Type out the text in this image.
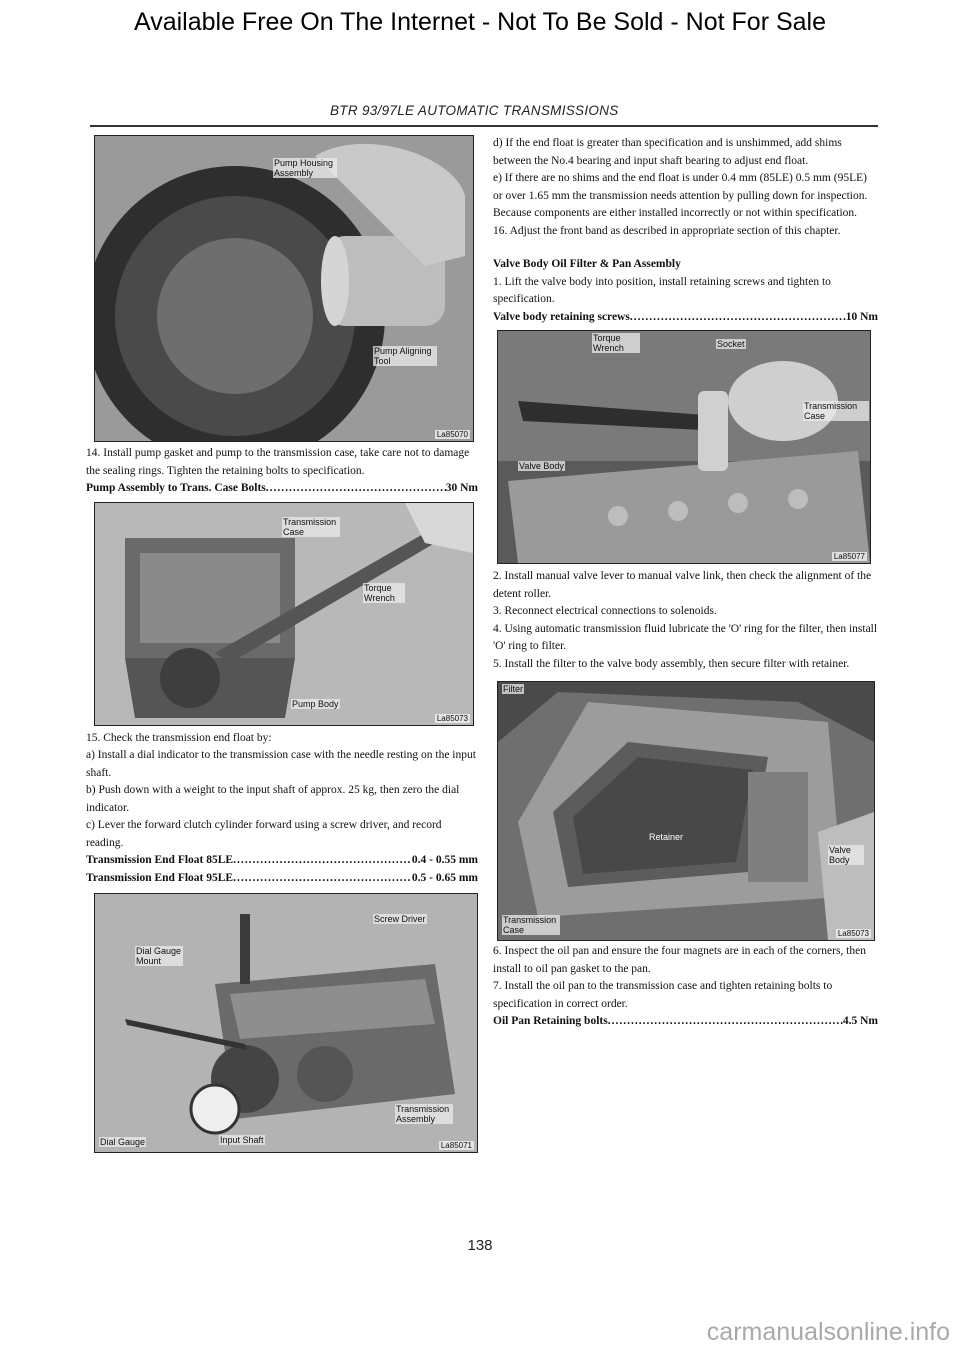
Available Free On The Internet - Not To Be Sold - Not For Sale
BTR 93/97LE AUTOMATIC TRANSMISSIONS
Pump Housing Assembly
Pump Aligning Tool
La85070

14. Install pump gasket and pump to the transmission case, take care not to damage the sealing rings. Tighten the retaining bolts to specification.

Pump Assembly to Trans. Case Bolts .....	30 Nm

Transmission Case
Torque Wrench
Pump Body
La85073

15. Check the transmission end float by:

a) Install a dial indicator to the transmission case with the needle resting on the input shaft.

b) Push down with a weight to the input shaft of approx. 25 kg, then zero the dial indicator.

c) Lever the forward clutch cylinder forward using a screw driver, and record reading.

Transmission End Float 85LE .....	0.4 - 0.55 mm

Transmission End Float 95LE .....	0.5 - 0.65 mm

Screw Driver
Dial Gauge Mount
Transmission Assembly
Dial Gauge	Input Shaft
La85071

d) If the end float is greater than specification and is unshimmed, add shims between the No.4 bearing and input shaft bearing to adjust end float.

e) If there are no shims and the end float is under 0.4 mm (85LE) 0.5 mm (95LE) or over 1.65 mm the transmission needs attention by pulling down for inspection. Because components are either installed incorrectly or not within specification.

16. Adjust the front band as described in appropriate section of this chapter.

Valve Body Oil Filter & Pan Assembly

1. Lift the valve body into position, install retaining screws and tighten to specification.

Valve body retaining screws .....	10 Nm

Torque Wrench	Socket
Transmission Case
Valve Body
La85077

2. Install manual valve lever to manual valve link, then check the alignment of the detent roller.

3. Reconnect electrical connections to solenoids.

4. Using automatic transmission fluid lubricate the 'O' ring for the filter, then install 'O' ring to filter.

5. Install the filter to the valve body assembly, then secure filter with retainer.

Filter
Retainer
Valve Body
Transmission Case	La85073

6. Inspect the oil pan and ensure the four magnets are in each of the corners, then install to oil pan gasket to the pan.

7. Install the oil pan to the transmission case and tighten retaining bolts to specification in correct order.

Oil Pan Retaining bolts .....	4.5 Nm

138
carmanualsonline.info
